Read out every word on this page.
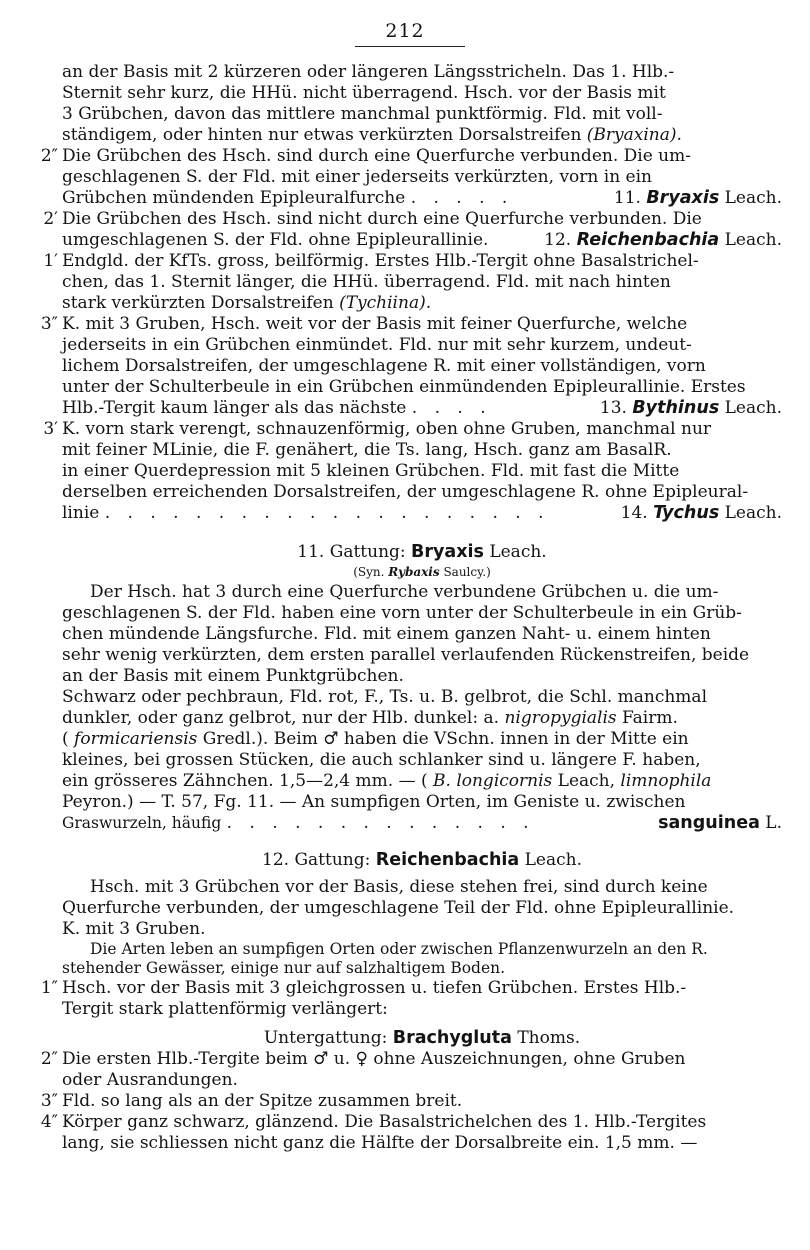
212
an der Basis mit 2 kürzeren oder längeren Längsstricheln. Das 1. Hlb.-
Sternit sehr kurz, die HHü. nicht überragend. Hsch. vor der Basis mit
3 Grübchen, davon das mittlere manchmal punktförmig. Fld. mit voll-
ständigem, oder hinten nur etwas verkürzten Dorsalstreifen (Bryaxina).
2″ Die Grübchen des Hsch. sind durch eine Querfurche verbunden. Die um-
geschlagenen S. der Fld. mit einer jederseits verkürzten, vorn in ein
Grübchen mündenden Epipleuralfurche . . . . .	11. Bryaxis Leach.
2′ Die Grübchen des Hsch. sind nicht durch eine Querfurche verbunden. Die
umgeschlagenen S. der Fld. ohne Epipleurallinie.	12. Reichenbachia Leach.
1′ Endgld. der KfTs. gross, beilförmig. Erstes Hlb.-Tergit ohne Basalstrichel-
chen, das 1. Sternit länger, die HHü. überragend. Fld. mit nach hinten
stark verkürzten Dorsalstreifen (Tychiina).
3″ K. mit 3 Gruben, Hsch. weit vor der Basis mit feiner Querfurche, welche
jederseits in ein Grübchen einmündet. Fld. nur mit sehr kurzem, undeut-
lichem Dorsalstreifen, der umgeschlagene R. mit einer vollständigen, vorn
unter der Schulterbeule in ein Grübchen einmündenden Epipleurallinie. Erstes
Hlb.-Tergit kaum länger als das nächste . . . .	13. Bythinus Leach.
3′ K. vorn stark verengt, schnauzenförmig, oben ohne Gruben, manchmal nur
mit feiner MLinie, die F. genähert, die Ts. lang, Hsch. ganz am BasalR.
in einer Querdepression mit 5 kleinen Grübchen. Fld. mit fast die Mitte
derselben erreichenden Dorsalstreifen, der umgeschlagene R. ohne Epipleural-
linie . . . . . . . . . . . . . . . . . . . .	14. Tychus Leach.
11. Gattung: Bryaxis Leach.
(Syn. Rybaxis Saulcy.)
Der Hsch. hat 3 durch eine Querfurche verbundene Grübchen u. die um-
geschlagenen S. der Fld. haben eine vorn unter der Schulterbeule in ein Grüb-
chen mündende Längsfurche. Fld. mit einem ganzen Naht- u. einem hinten
sehr wenig verkürzten, dem ersten parallel verlaufenden Rückenstreifen, beide
an der Basis mit einem Punktgrübchen.
Schwarz oder pechbraun, Fld. rot, F., Ts. u. B. gelbrot, die Schl. manchmal
dunkler, oder ganz gelbrot, nur der Hlb. dunkel: a. nigropygialis Fairm.
( formicariensis Gredl.). Beim ♂ haben die VSchn. innen in der Mitte ein
kleines, bei grossen Stücken, die auch schlanker sind u. längere F. haben,
ein grösseres Zähnchen. 1,5—2,4 mm. — ( B. longicornis Leach, limnophila
Peyron.) — T. 57, Fg. 11. — An sumpfigen Orten, im Geniste u. zwischen
Graswurzeln, häufig . . . . . . . . . . . . . .	sanguinea L.
12. Gattung: Reichenbachia Leach.
Hsch. mit 3 Grübchen vor der Basis, diese stehen frei, sind durch keine
Querfurche verbunden, der umgeschlagene Teil der Fld. ohne Epipleurallinie.
K. mit 3 Gruben.
Die Arten leben an sumpfigen Orten oder zwischen Pflanzenwurzeln an den R.
stehender Gewässer, einige nur auf salzhaltigem Boden.
1″ Hsch. vor der Basis mit 3 gleichgrossen u. tiefen Grübchen. Erstes Hlb.-
Tergit stark plattenförmig verlängert:
Untergattung: Brachygluta Thoms.
2″ Die ersten Hlb.-Tergite beim ♂ u. ♀ ohne Auszeichnungen, ohne Gruben
oder Ausrandungen.
3″ Fld. so lang als an der Spitze zusammen breit.
4″ Körper ganz schwarz, glänzend. Die Basalstrichelchen des 1. Hlb.-Tergites
lang, sie schliessen nicht ganz die Hälfte der Dorsalbreite ein. 1,5 mm. —
